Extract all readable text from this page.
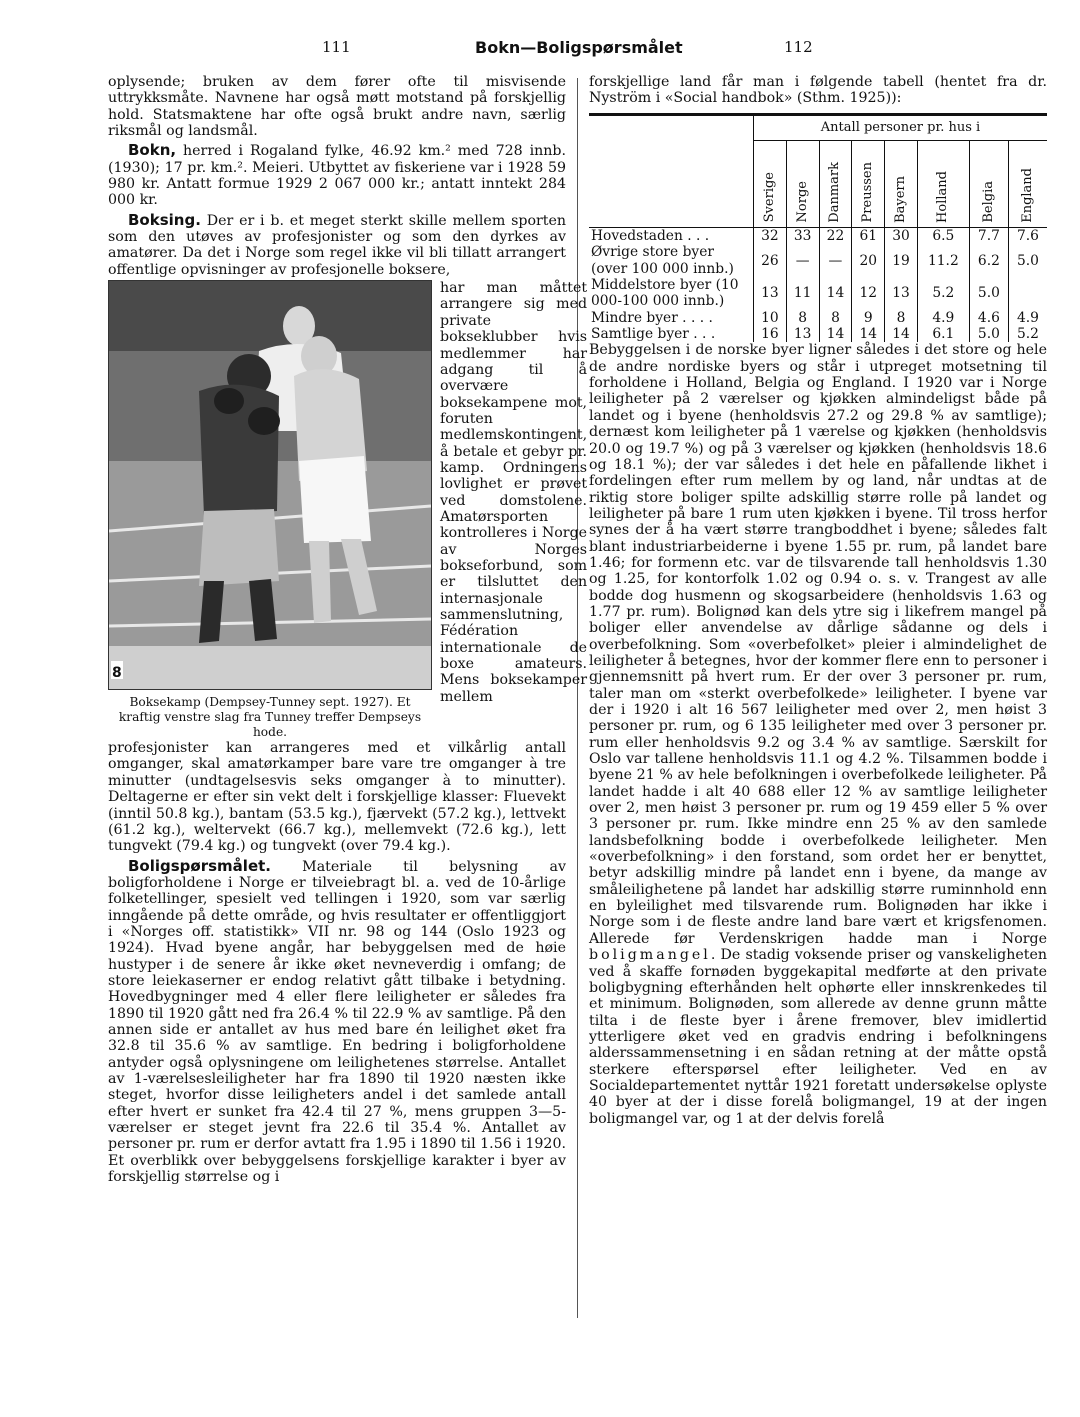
111	Bokn—Boligspørsmålet	112

oplysende; bruken av dem fører ofte til misvisende uttrykksmåte. Navnene har også møtt motstand på forskjellig hold. Statsmaktene har ofte også brukt andre navn, særlig riksmål og landsmål.

Bokn, herred i Rogaland fylke, 46.92 km.² med 728 innb. (1930); 17 pr. km.². Meieri. Utbyttet av fiskeriene var i 1928 59 980 kr. Antatt formue 1929 2 067 000 kr.; antatt inntekt 284 000 kr.

Boksing. Der er i b. et meget sterkt skille mellem sporten som den utøves av profesjonister og som den dyrkes av amatører. Da det i Norge som regel ikke vil bli tillatt arrangert offentlige opvisninger av profesjonelle boksere,

8
Boksekamp (Dempsey-Tunney sept. 1927). Et kraftig venstre slag fra Tunney treffer Dempseys hode.

har man måttet arrangere sig med private bokseklubber hvis medlemmer har adgang til å overvære boksekampene mot, foruten medlemskontingent, å betale et gebyr pr. kamp. Ordningens lovlighet er prøvet ved domstolene. Amatørsporten kontrolleres i Norge av Norges bokseforbund, som er tilsluttet den internasjonale sammenslutning, Fédération internationale de boxe amateurs. Mens boksekamper mellem

profesjonister kan arrangeres med et vilkårlig antall omganger, skal amatørkamper bare vare tre omganger à tre minutter (undtagelsesvis seks omganger à to minutter). Deltagerne er efter sin vekt delt i forskjellige klasser: Fluevekt (inntil 50.8 kg.), bantam (53.5 kg.), fjærvekt (57.2 kg.), lettvekt (61.2 kg.), weltervekt (66.7 kg.), mellemvekt (72.6 kg.), lett tungvekt (79.4 kg.) og tungvekt (over 79.4 kg.).

Boligspørsmålet. Materiale til belysning av boligforholdene i Norge er tilveiebragt bl. a. ved de 10-årlige folketellinger, spesielt ved tellingen i 1920, som var særlig inngående på dette område, og hvis resultater er offentliggjort i «Norges off. statistikk» VII nr. 98 og 144 (Oslo 1923 og 1924). Hvad byene angår, har bebyggelsen med de høie hustyper i de senere år ikke øket nevneverdig i omfang; de store leiekaserner er endog relativt gått tilbake i betydning. Hovedbygninger med 4 eller flere leiligheter er således fra 1890 til 1920 gått ned fra 26.4 % til 22.9 % av samtlige. På den annen side er antallet av hus med bare én leilighet øket fra 32.8 til 35.6 % av samtlige. En bedring i boligforholdene antyder også oplysningene om leilighetenes størrelse. Antallet av 1-værelsesleiligheter har fra 1890 til 1920 næsten ikke steget, hvorfor disse leiligheters andel i det samlede antall efter hvert er sunket fra 42.4 til 27 %, mens gruppen 3—5-værelser er steget jevnt fra 22.6 til 35.4 %. Antallet av personer pr. rum er derfor avtatt fra 1.95 i 1890 til 1.56 i 1920. Et overblikk over bebyggelsens forskjellige karakter i byer av forskjellig størrelse og i

forskjellige land får man i følgende tabell (hentet fra dr. Nyström i «Social handbok» (Sthm. 1925)):

	Antall personer pr. hus i							
	Sverige	Norge	Danmark	Preussen	Bayern	Holland	Belgia	England
Hovedstaden . . .	32	33	22	61	30	6.5	7.7	7.6
Øvrige store byer (over 100 000 innb.)	26	—	—	20	19	11.2	6.2	5.0
Middelstore byer (10 000-100 000 innb.)	13	11	14	12	13	5.2	5.0	
Mindre byer . . . .	10	8	8	9	8	4.9	4.6	4.9
Samtlige byer . . .	16	13	14	14	14	6.1	5.0	5.2

Bebyggelsen i de norske byer ligner således i det store og hele de andre nordiske byers og står i utpreget motsetning til forholdene i Holland, Belgia og England. I 1920 var i Norge leiligheter på 2 værelser og kjøkken almindeligst både på landet og i byene (henholdsvis 27.2 og 29.8 % av samtlige); dernæst kom leiligheter på 1 værelse og kjøkken (henholdsvis 20.0 og 19.7 %) og på 3 værelser og kjøkken (henholdsvis 18.6 og 18.1 %); der var således i det hele en påfallende likhet i fordelingen efter rum mellem by og land, når undtas at de riktig store boliger spilte adskillig større rolle på landet og leiligheter på bare 1 rum uten kjøkken i byene. Til tross herfor synes der å ha vært større trangboddhet i byene; således falt blant industriarbeiderne i byene 1.55 pr. rum, på landet bare 1.46; for formenn etc. var de tilsvarende tall henholdsvis 1.30 og 1.25, for kontorfolk 1.02 og 0.94 o. s. v. Trangest av alle bodde dog husmenn og skogsarbeidere (henholdsvis 1.63 og 1.77 pr. rum). Bolignød kan dels ytre sig i likefrem mangel på boliger eller anvendelse av dårlige sådanne og dels i overbefolkning. Som «overbefolket» pleier i almindelighet de leiligheter å betegnes, hvor der kommer flere enn to personer i gjennemsnitt på hvert rum. Er der over 3 personer pr. rum, taler man om «sterkt overbefolkede» leiligheter. I byene var der i 1920 i alt 16 567 leiligheter med over 2, men høist 3 personer pr. rum, og 6 135 leiligheter med over 3 personer pr. rum eller henholdsvis 9.2 og 3.4 % av samtlige. Særskilt for Oslo var tallene henholdsvis 11.1 og 4.2 %. Tilsammen bodde i byene 21 % av hele befolkningen i overbefolkede leiligheter. På landet hadde i alt 40 688 eller 12 % av samtlige leiligheter over 2, men høist 3 personer pr. rum og 19 459 eller 5 % over 3 personer pr. rum. Ikke mindre enn 25 % av den samlede landsbefolkning bodde i overbefolkede leiligheter. Men «overbefolkning» i den forstand, som ordet her er benyttet, betyr adskillig mindre på landet enn i byene, da mange av småleilighetene på landet har adskillig større ruminnhold enn en byleilighet med tilsvarende rum. Bolignøden har ikke i Norge som i de fleste andre land bare vært et krigsfenomen. Allerede før Verdenskrigen hadde man i Norge boligmangel. De stadig voksende priser og vanskeligheten ved å skaffe fornøden byggekapital medførte at den private boligbygning efterhånden helt ophørte eller innskrenkedes til et minimum. Bolignøden, som allerede av denne grunn måtte tilta i de fleste byer i årene fremover, blev imidlertid ytterligere øket ved en gradvis endring i befolkningens alderssammensetning i en sådan retning at der måtte opstå sterkere efterspørsel efter leiligheter. Ved en av Socialdepartementet nyttår 1921 foretatt undersøkelse oplyste 40 byer at der i disse forelå boligmangel, 19 at der ingen boligmangel var, og 1 at der delvis forelå
